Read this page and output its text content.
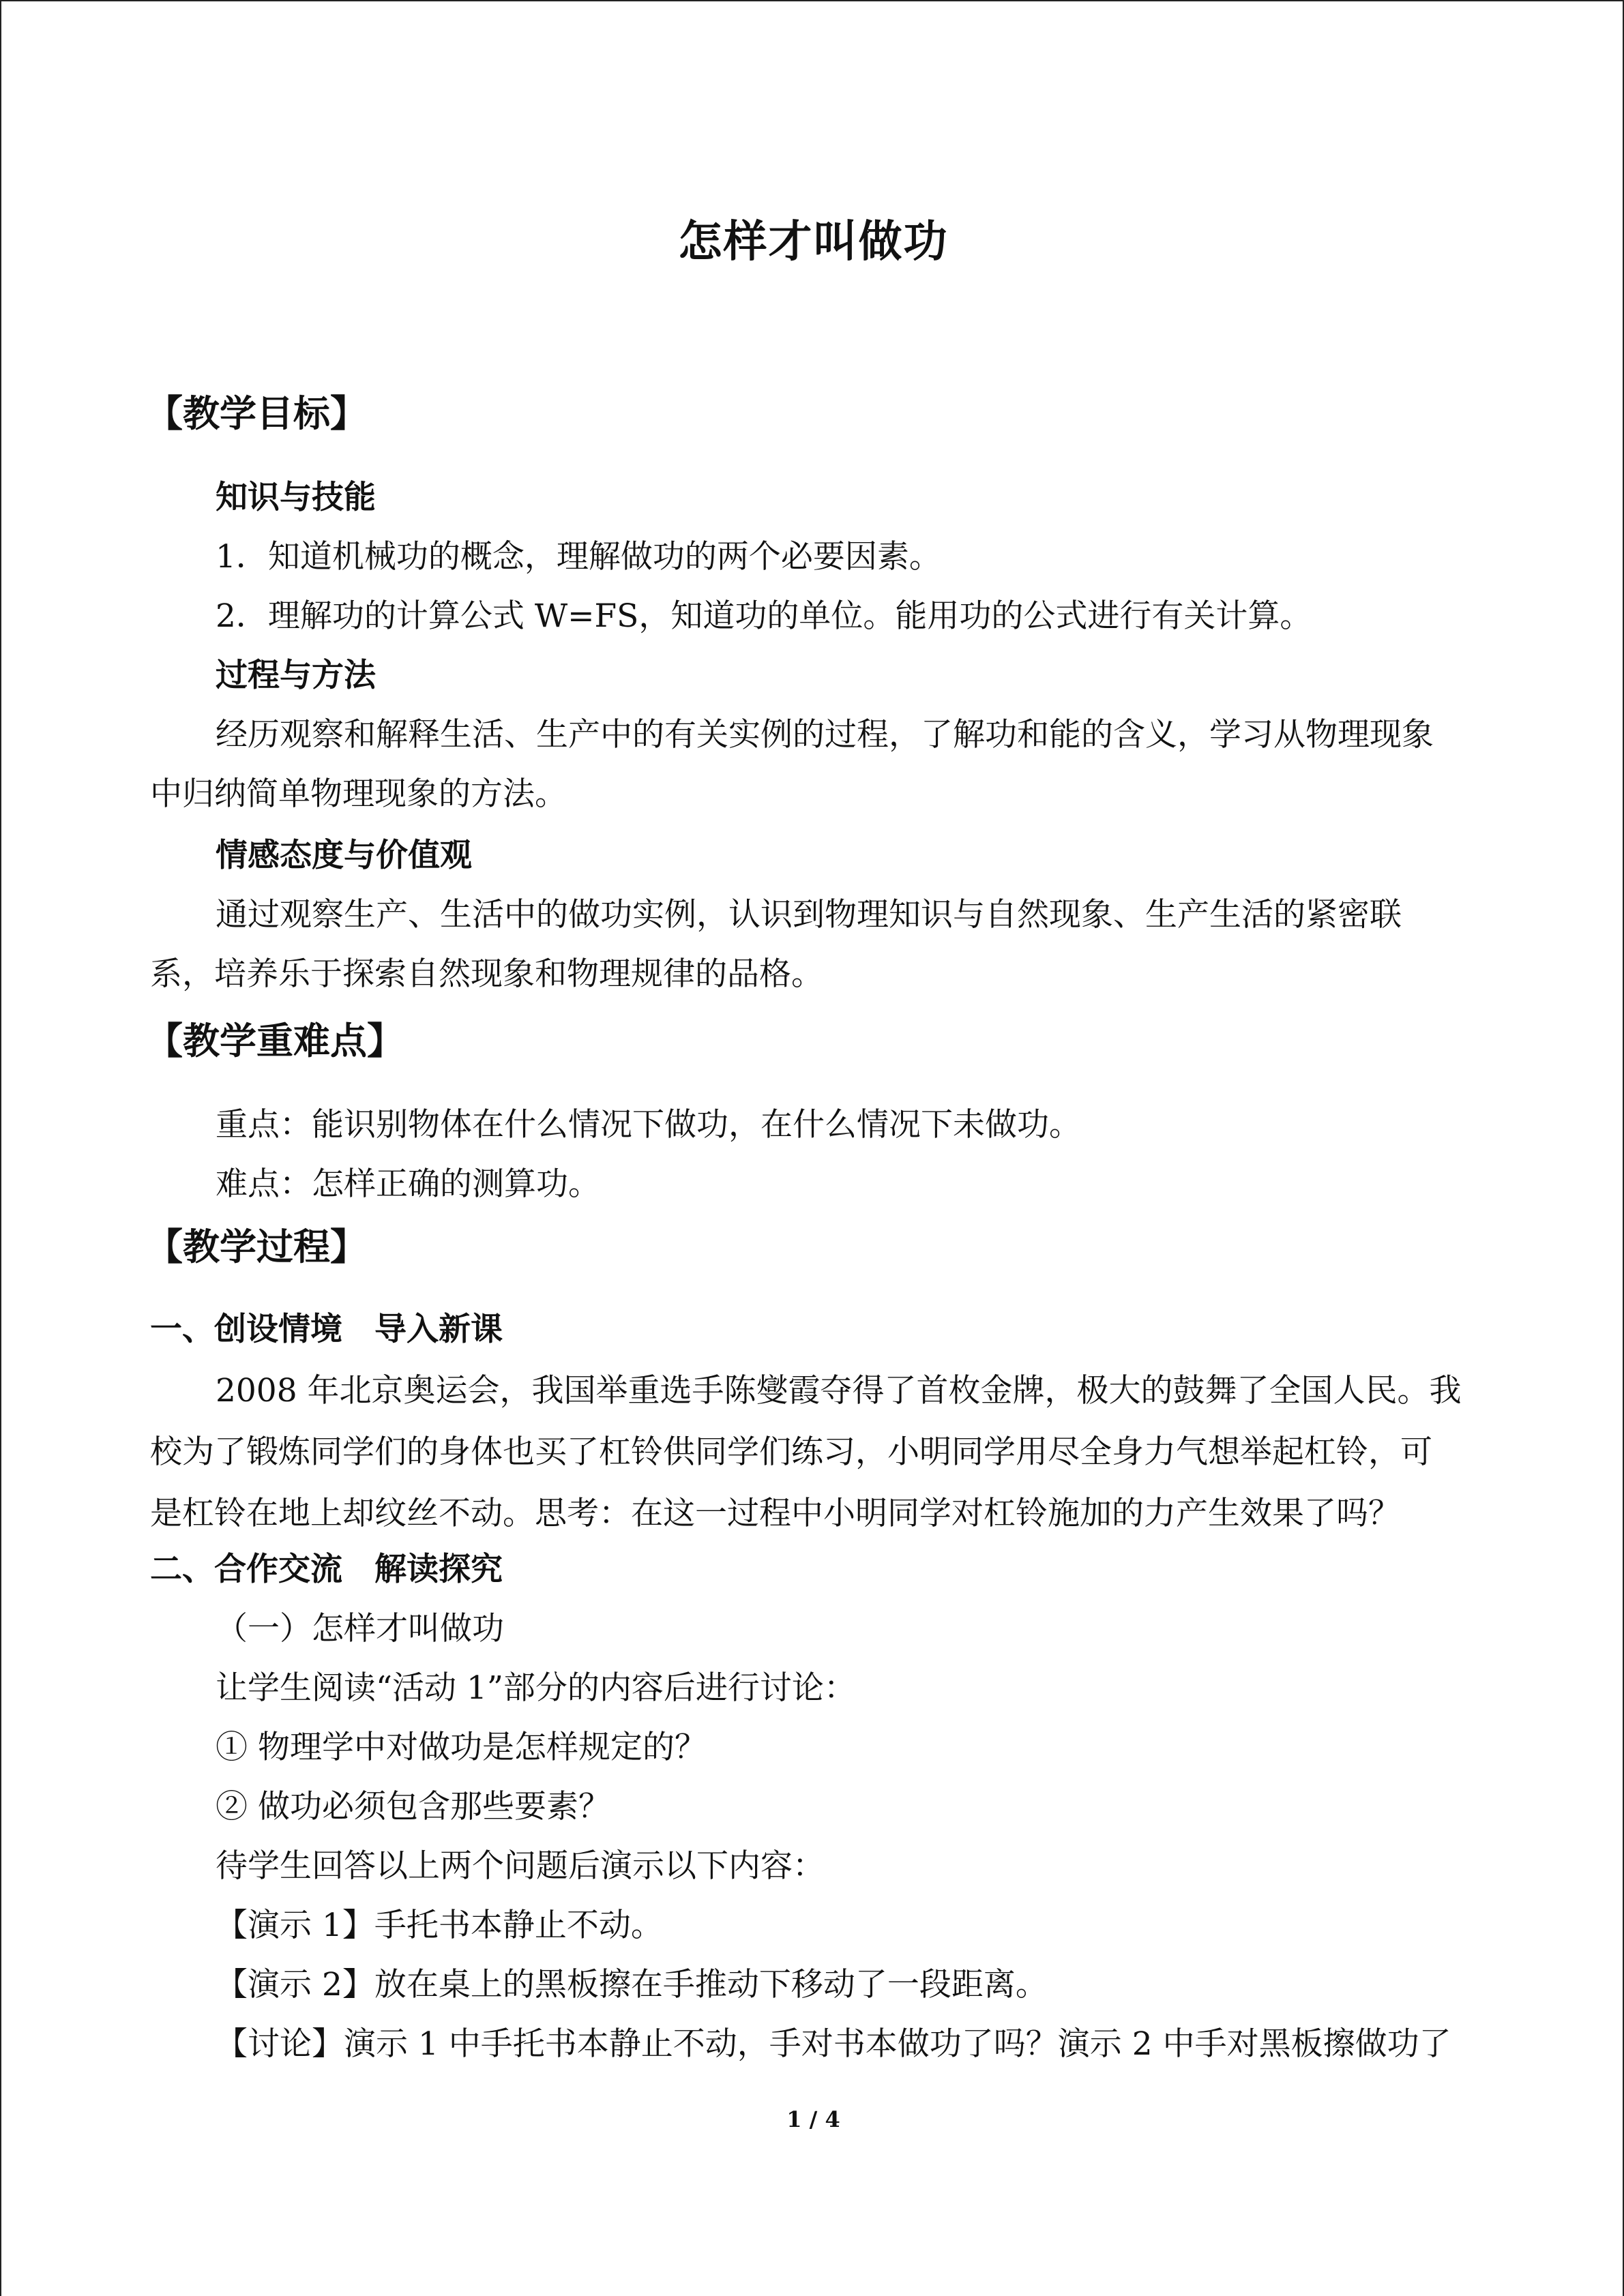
怎样才叫做功
【教学目标】
知识与技能
1．知道机械功的概念，理解做功的两个必要因素。
2．理解功的计算公式 W=FS，知道功的单位。能用功的公式进行有关计算。
过程与方法
经历观察和解释生活、生产中的有关实例的过程，了解功和能的含义，学习从物理现象
中归纳简单物理现象的方法。
情感态度与价值观
通过观察生产、生活中的做功实例，认识到物理知识与自然现象、生产生活的紧密联
系，培养乐于探索自然现象和物理规律的品格。
【教学重难点】
重点：能识别物体在什么情况下做功，在什么情况下未做功。
难点：怎样正确的测算功。
【教学过程】
一、创设情境　导入新课
2008 年北京奥运会，我国举重选手陈燮霞夺得了首枚金牌，极大的鼓舞了全国人民。我
校为了锻炼同学们的身体也买了杠铃供同学们练习，小明同学用尽全身力气想举起杠铃，可
是杠铃在地上却纹丝不动。思考：在这一过程中小明同学对杠铃施加的力产生效果了吗？
二、合作交流　解读探究
（一）怎样才叫做功
让学生阅读“活动 1”部分的内容后进行讨论：
① 物理学中对做功是怎样规定的？
② 做功必须包含那些要素？
待学生回答以上两个问题后演示以下内容：
【演示 1】手托书本静止不动。
【演示 2】放在桌上的黑板擦在手推动下移动了一段距离。
【讨论】演示 1 中手托书本静止不动，手对书本做功了吗？演示 2 中手对黑板擦做功了
1 / 4
